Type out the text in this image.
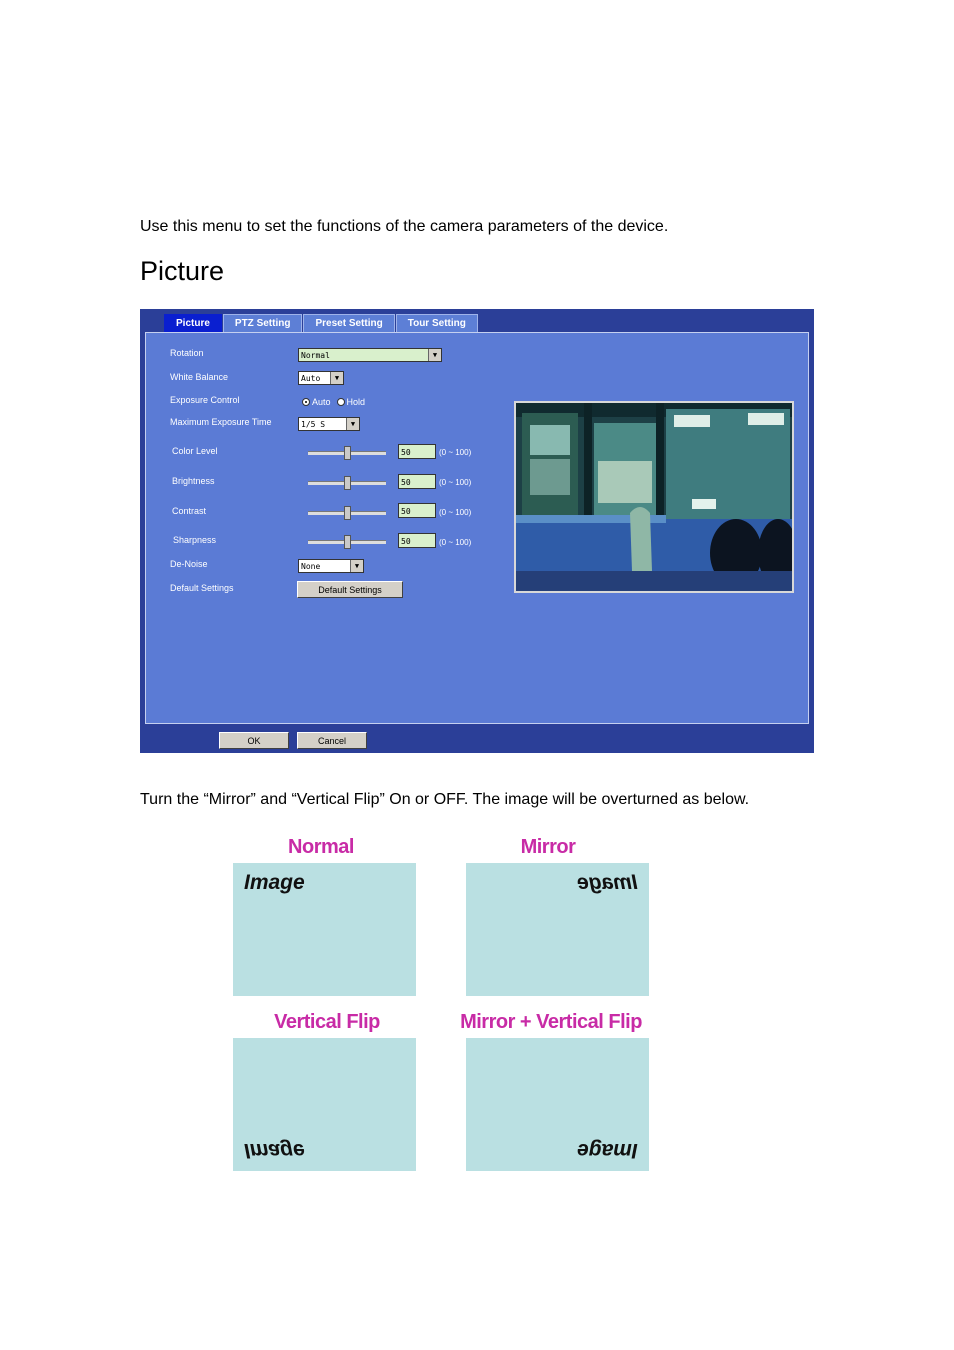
Use this menu to set the functions of the camera parameters of the device.
Picture
Picture	PTZ Setting	Preset Setting	Tour Setting
Rotation	Normal	▼
White Balance	Auto	▼
Exposure Control	Auto Hold
Maximum Exposure Time	1/5 S	▼
Color Level	50	(0 ~ 100)
Brightness	50	(0 ~ 100)
Contrast	50	(0 ~ 100)
Sharpness	50	(0 ~ 100)
De-Noise	None	▼
Default Settings	Default Settings
OK	Cancel
Turn the “Mirror” and “Vertical Flip” On or OFF. The image will be overturned as below.
Normal
Image
Mirror
Image
Vertical Flip
Image
Mirror + Vertical Flip
Image
